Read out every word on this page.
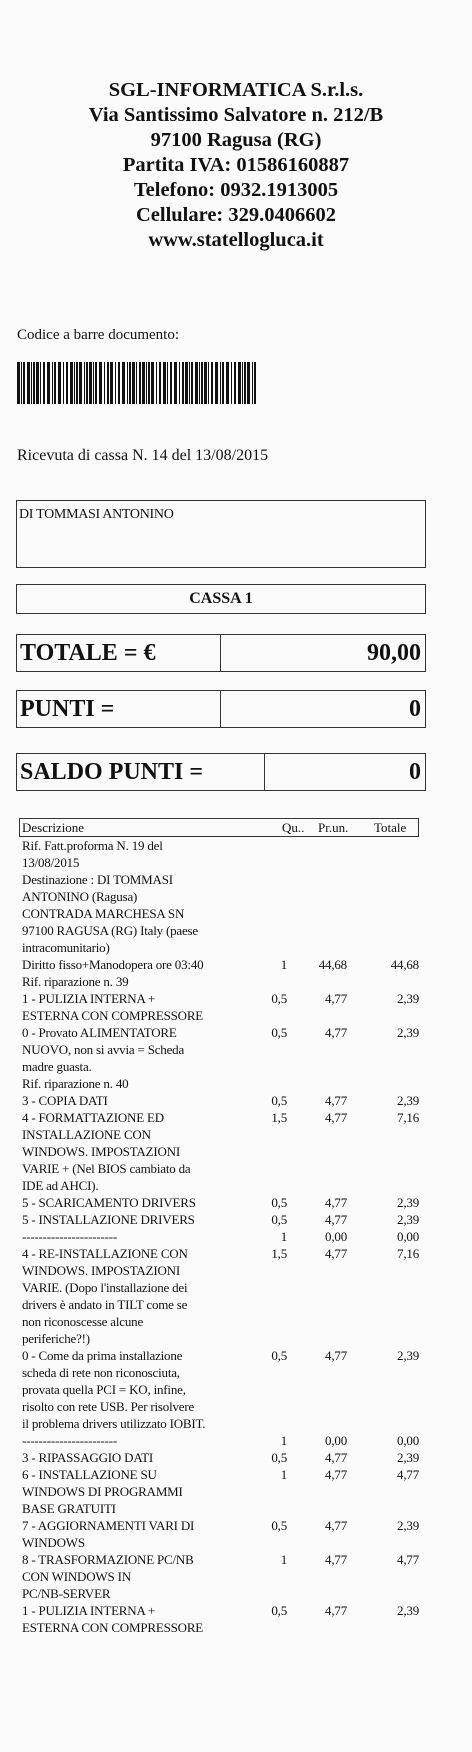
SGL-INFORMATICA S.r.l.s.
Via Santissimo Salvatore n. 212/B
97100 Ragusa (RG)
Partita IVA: 01586160887
Telefono: 0932.1913005
Cellulare: 329.0406602
www.statellogluca.it
Codice a barre documento:
Ricevuta di cassa N. 14 del 13/08/2015
DI TOMMASI ANTONINO
CASSA 1
TOTALE = €	90,00
PUNTI =	0
SALDO PUNTI =	0
Descrizione	Qu.. Pr.un. Totale
Rif. Fatt.proforma N. 19 del
13/08/2015
Destinazione : DI TOMMASI
ANTONINO (Ragusa)
CONTRADA MARCHESA SN
97100 RAGUSA (RG) Italy (paese
intracomunitario)
Diritto fisso+Manodopera ore 03:40	1	44,68	44,68
Rif. riparazione n. 39
1 - PULIZIA INTERNA +
ESTERNA CON COMPRESSORE
0,5	4,77	2,39
0 - Provato ALIMENTATORE
NUOVO, non si avvia = Scheda
madre guasta.
0,5	4,77	2,39
Rif. riparazione n. 40
3 - COPIA DATI	0,5	4,77	2,39
4 - FORMATTAZIONE ED
INSTALLAZIONE CON
WINDOWS. IMPOSTAZIONI
VARIE + (Nel BIOS cambiato da
IDE ad AHCI).
1,5	4,77	7,16
5 - SCARICAMENTO DRIVERS	0,5	4,77	2,39
5 - INSTALLAZIONE DRIVERS	0,5	4,77	2,39
-----------------------	1	0,00	0,00
4 - RE-INSTALLAZIONE CON
WINDOWS. IMPOSTAZIONI
VARIE. (Dopo l'installazione dei
drivers è andato in TILT come se
non riconoscesse alcune
periferiche?!)
1,5	4,77	7,16
0 - Come da prima installazione
scheda di rete non riconosciuta,
provata quella PCI = KO, infine,
risolto con rete USB. Per risolvere
il problema drivers utilizzato IOBIT.
0,5	4,77	2,39
-----------------------	1	0,00	0,00
3 - RIPASSAGGIO DATI	0,5	4,77	2,39
6 - INSTALLAZIONE SU
WINDOWS DI PROGRAMMI
BASE GRATUITI
1	4,77	4,77
7 - AGGIORNAMENTI VARI DI
WINDOWS
0,5	4,77	2,39
8 - TRASFORMAZIONE PC/NB
CON WINDOWS IN
PC/NB-SERVER
1	4,77	4,77
1 - PULIZIA INTERNA +
ESTERNA CON COMPRESSORE
0,5	4,77	2,39
